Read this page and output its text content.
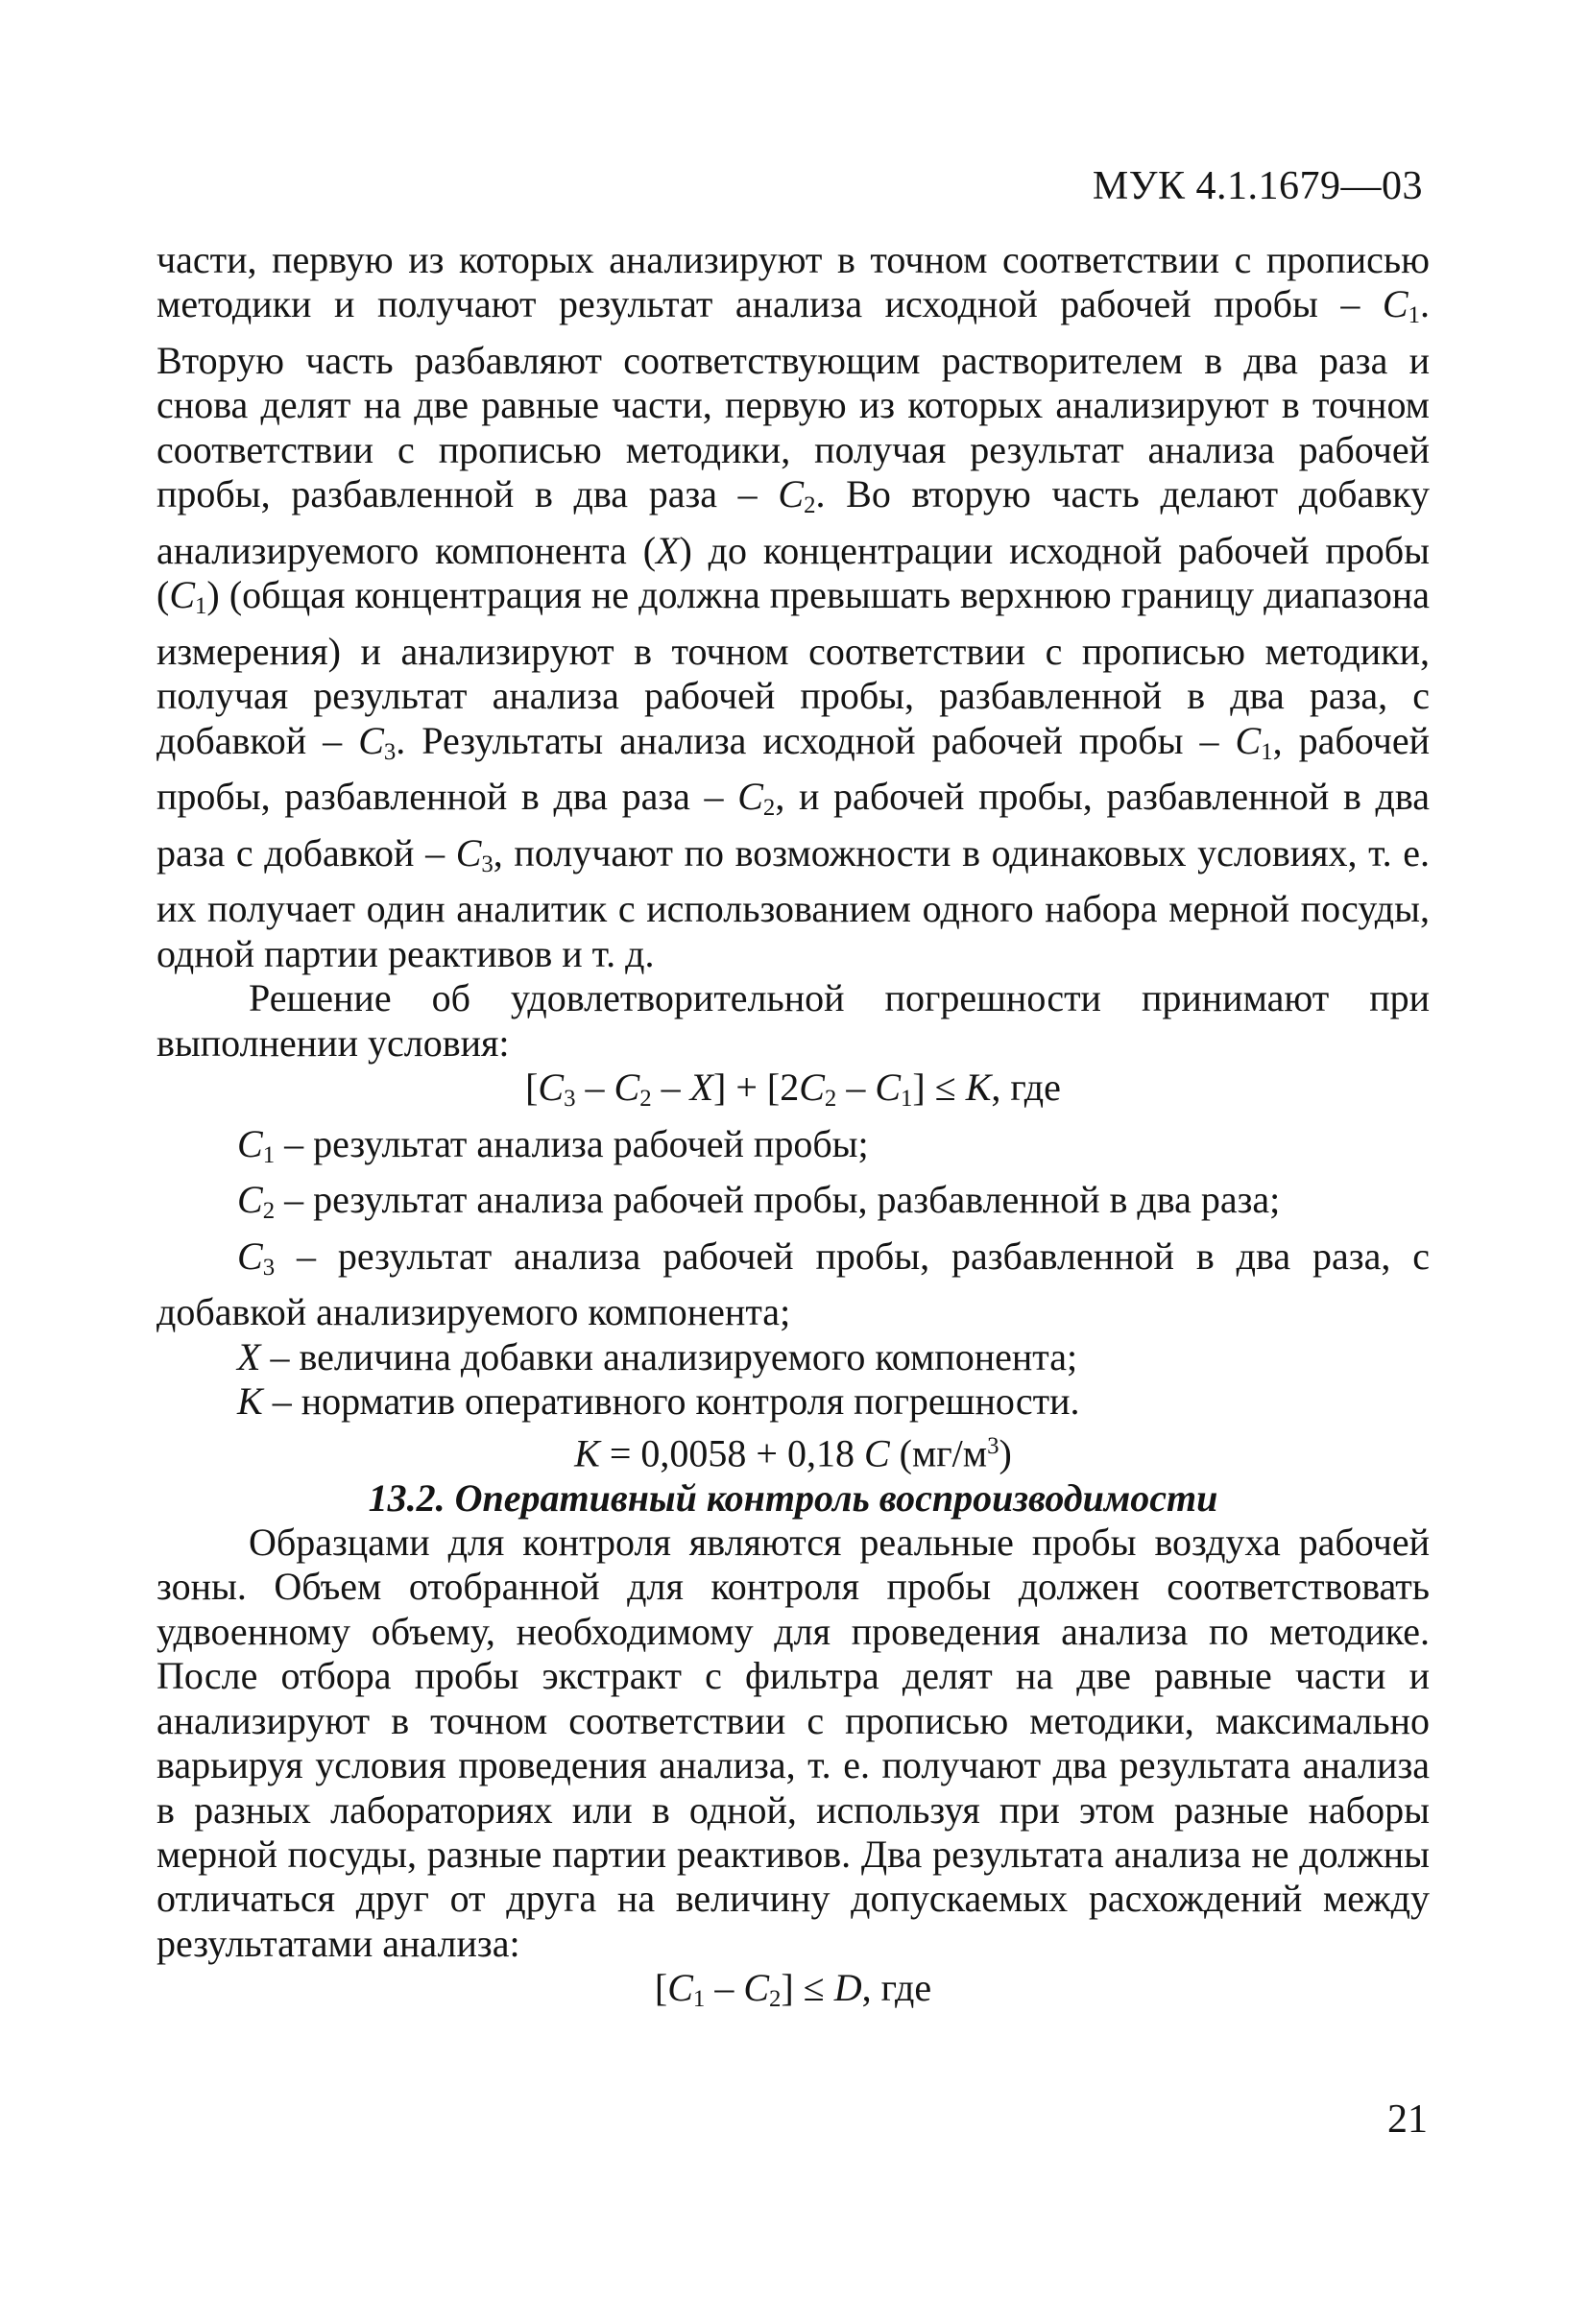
МУК 4.1.1679—03

части, первую из которых анализируют в точном соответствии с прописью методики и получают результат анализа исходной рабочей пробы – $C_1$. Вторую часть разбавляют соответствующим растворителем в два раза и снова делят на две равные части, первую из которых анализируют в точном соответствии с прописью методики, получая результат анализа рабочей пробы, разбавленной в два раза – $C_2$. Во вторую часть делают добавку анализируемого компонента (X) до концентрации исходной рабочей пробы $(C_1)$ (общая концентрация не должна превышать верхнюю границу диапазона измерения) и анализируют в точном соответствии с прописью методики, получая результат анализа рабочей пробы, разбавленной в два раза, с добавкой – $C_3$. Результаты анализа исходной рабочей пробы – $C_1$, рабочей пробы, разбавленной в два раза – $C_2$, и рабочей пробы, разбавленной в два раза с добавкой – $C_3$, получают по возможности в одинаковых условиях, т. е. их получает один аналитик с использованием одного набора мерной посуды, одной партии реактивов и т. д.

Решение об удовлетворительной погрешности принимают при выполнении условия:

$[C_3 - C_2 - X] + [2C_2 - C_1] \le K$, где

$C_1$ – результат анализа рабочей пробы;

$C_2$ – результат анализа рабочей пробы, разбавленной в два раза;

$C_3$ – результат анализа рабочей пробы, разбавленной в два раза, с добавкой анализируемого компонента;

X – величина добавки анализируемого компонента;

K – норматив оперативного контроля погрешности.

K = 0,0058 + 0,18 C $(мг/м^3)$

13.2. Оперативный контроль воспроизводимости

Образцами для контроля являются реальные пробы воздуха рабочей зоны. Объем отобранной для контроля пробы должен соответствовать удвоенному объему, необходимому для проведения анализа по методике. После отбора пробы экстракт с фильтра делят на две равные части и анализируют в точном соответствии с прописью методики, максимально варьируя условия проведения анализа, т. е. получают два результата анализа в разных лабораториях или в одной, используя при этом разные наборы мерной посуды, разные партии реактивов. Два результата анализа не должны отличаться друг от друга на величину допускаемых расхождений между результатами анализа:

$[C_1 - C_2] \le D$, где

21
